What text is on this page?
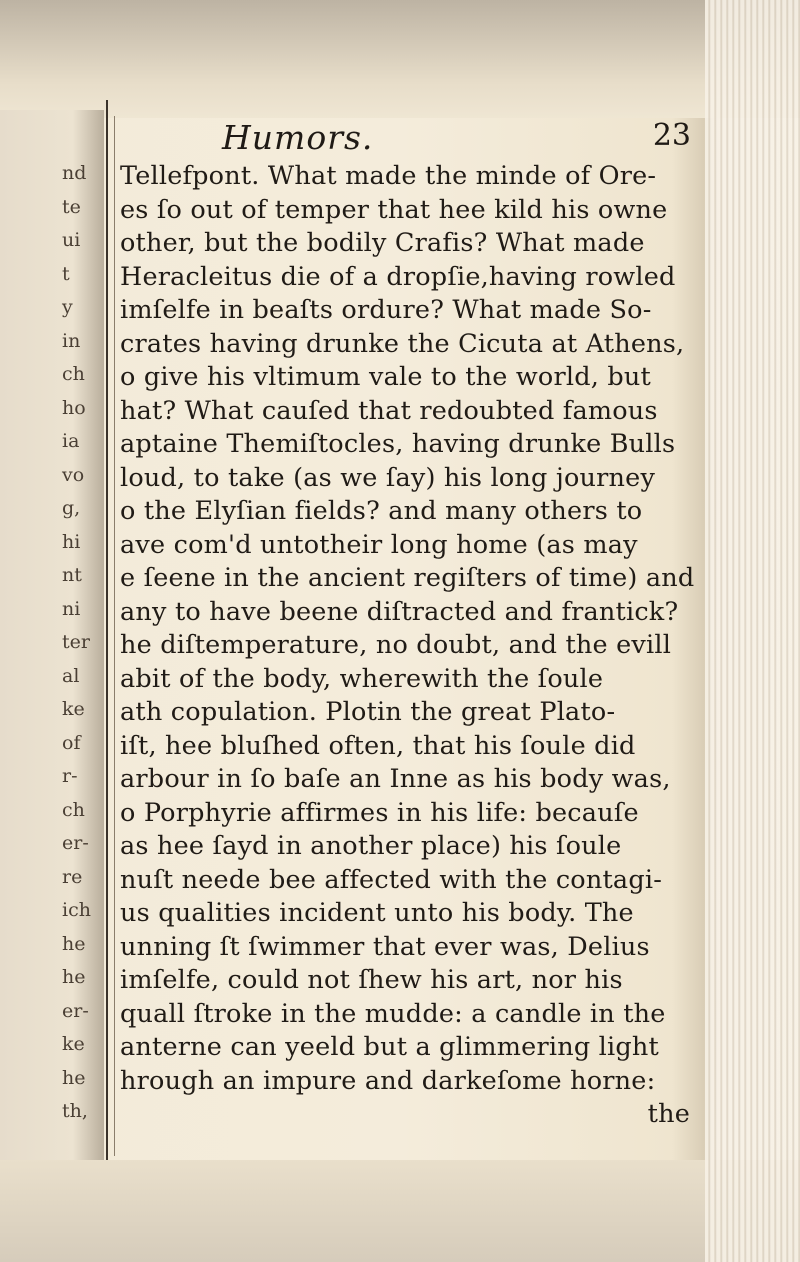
nd
te
ui
t
y
in
ch
ho
ia
vo
g,
hi
nt
ni
ter
al
ke
of
r-
ch
er-
re
ich
he
he
er-
ke
he
th,
Humors.	23
Tellefpont. What made the minde of Ore-
es ſo out of temper that hee kild his owne
other, but the bodily Crafis? What made
Heracleitus die of a dropſie,having rowled
imſelfe in beaſts ordure? What made So-
crates having drunke the Cicuta at Athens,
o give his vltimum vale to the world, but
hat? What cauſed that redoubted famous
aptaine Themiſtocles, having drunke Bulls
loud, to take (as we ſay) his long journey
o the Elyſian fields? and many others to
ave com'd untotheir long home (as may
e ſeene in the ancient regiſters of time) and
any to have beene diſtracted and frantick?
he diſtemperature, no doubt, and the evill
abit of the body, wherewith the ſoule
ath copulation. Plotin the great Plato-
iſt, hee bluſhed often, that his ſoule did
arbour in ſo baſe an Inne as his body was,
o Porphyrie affirmes in his life: becauſe
as hee ſayd in another place) his ſoule
nuſt neede bee affected with the contagi-
us qualities incident unto his body. The
unning ſt ſwimmer that ever was, Delius
imſelfe, could not ſhew his art, nor his
quall ſtroke in the mudde: a candle in the
anterne can yeeld but a glimmering light
hrough an impure and darkeſome horne:
the
